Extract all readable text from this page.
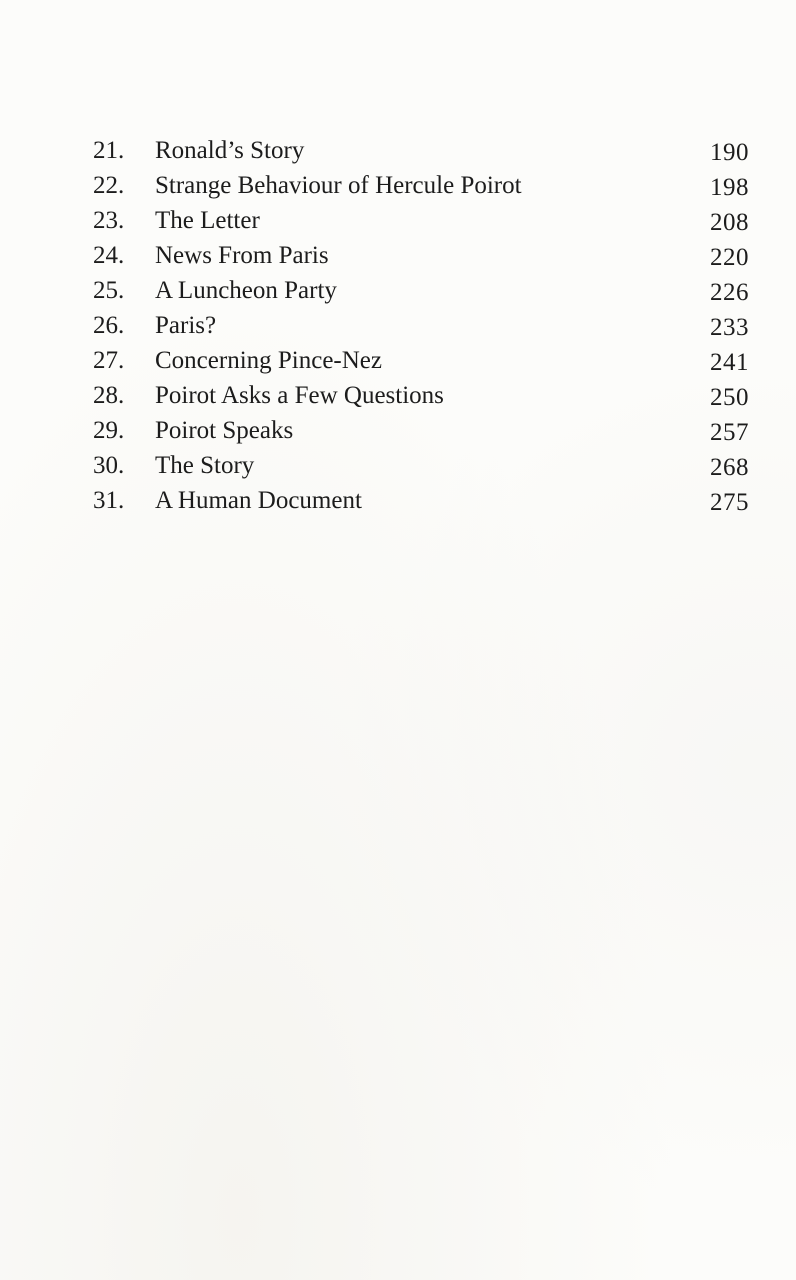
21.	Ronald’s Story	190
22.	Strange Behaviour of Hercule Poirot	198
23.	The Letter	208
24.	News From Paris	220
25.	A Luncheon Party	226
26.	Paris?	233
27.	Concerning Pince-Nez	241
28.	Poirot Asks a Few Questions	250
29.	Poirot Speaks	257
30.	The Story	268
31.	A Human Document	275
